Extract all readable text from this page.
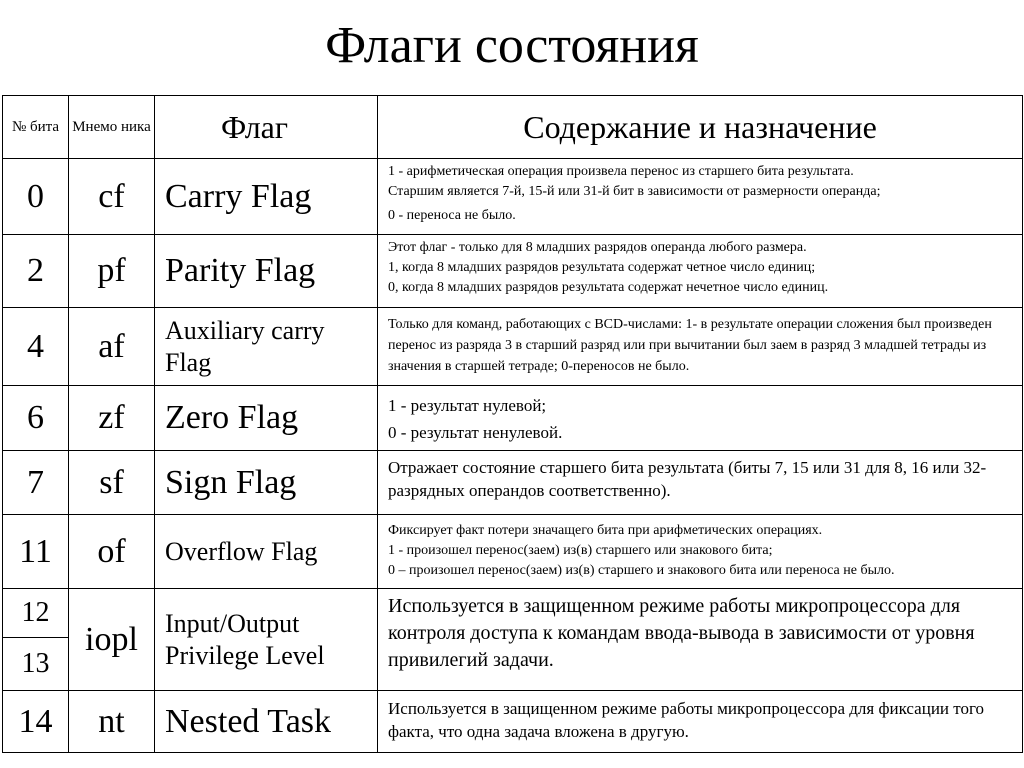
Флаги состояния
№ бита	Мнемо ника	Флаг	Содержание и назначение
0	cf	Carry Flag	1 - арифметическая операция произвела перенос из старшего бита результата.
Старшим является 7-й, 15-й или 31-й бит в зависимости от размерности операнда;
0 - переноса не было.

2	pf	Parity Flag	Этот флаг - только для 8 младших разрядов операнда любого размера.
1, когда 8 младших разрядов результата содержат четное число единиц;
0, когда 8 младших разрядов результата содержат нечетное число единиц.

4	af	Auxiliary carry Flag	Только для команд, работающих с BCD-числами: 1- в результате операции сложения был произведен перенос из разряда 3 в старший разряд или при вычитании был заем в разряд 3 младшей тетрады из значения в старшей тетраде; 0-переносов не было.

6	zf	Zero Flag	1 - результат нулевой;
0 - результат ненулевой.

7	sf	Sign Flag	Отражает состояние старшего бита результата (биты 7, 15 или 31 для 8, 16 или 32-разрядных операндов соответственно).

11	of	Overflow Flag	Фиксирует факт потери значащего бита при арифметических операциях.
1 - произошел перенос(заем) из(в) старшего или знакового бита;
0 – произошел перенос(заем) из(в) старшего и знакового бита или переноса не было.

12	iopl	Input/Output Privilege Level	Используется в защищенном режиме работы микропроцессора для контроля доступа к командам ввода-вывода в зависимости от уровня привилегий задачи.

13			
14	nt	Nested Task	Используется в защищенном режиме работы микропроцессора для фиксации того факта, что одна задача вложена в другую.
